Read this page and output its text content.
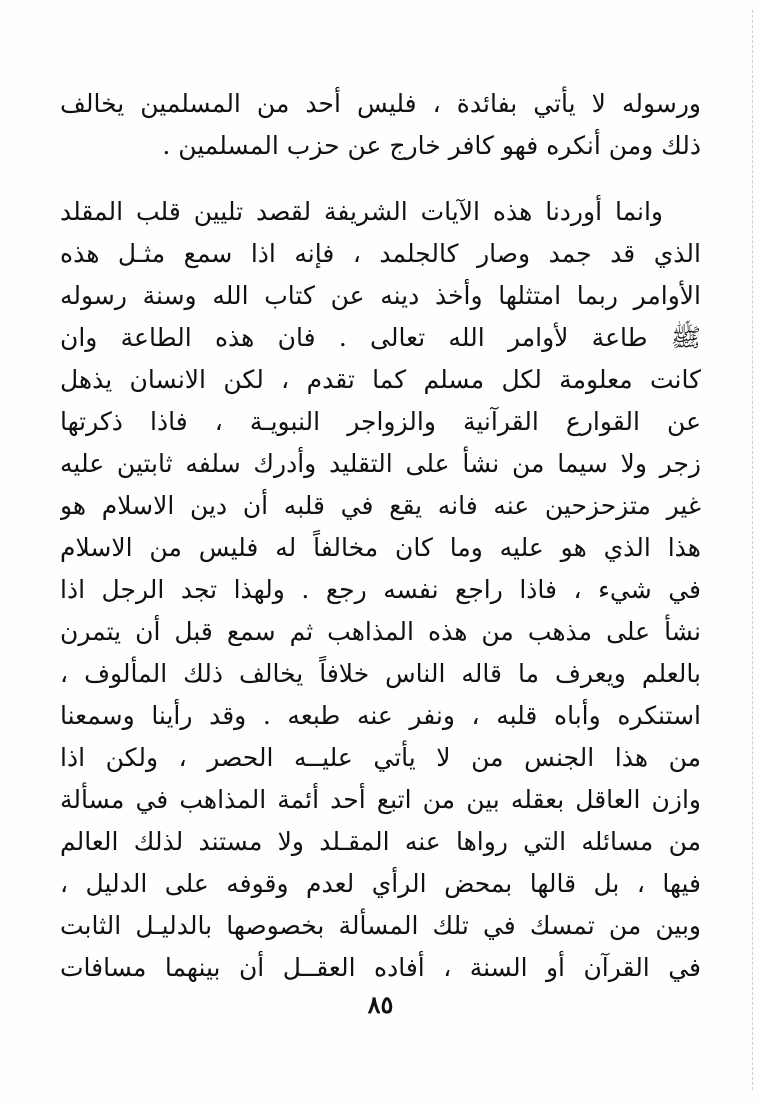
ورسوله لا يأتي بفائدة ، فليس أحد من المسلمين يخالف
ذلك ومن أنكره فهو كافر خارج عن حزب المسلمين .
وانما أوردنا هذه الآيات الشريفة لقصد تليين قلب المقلد
الذي قد جمد وصار كالجلمد ، فإنه اذا سمع مثـل هذه
الأوامر ربما امتثلها وأخذ دينه عن كتاب الله وسنة رسوله
ﷺ طاعة لأوامر الله تعالى . فان هذه الطاعة وان
كانت معلومة لكل مسلم كما تقدم ، لكن الانسان يذهل
عن القوارع القرآنية والزواجر النبويـة ، فاذا ذكرتها
زجر ولا سيما من نشأ على التقليد وأدرك سلفه ثابتين عليه
غير متزحزحين عنه فانه يقع في قلبه أن دين الاسلام هو
هذا الذي هو عليه وما كان مخالفاً له فليس من الاسلام
في شيء ، فاذا راجع نفسه رجع . ولهذا تجد الرجل اذا
نشأ على مذهب من هذه المذاهب ثم سمع قبل أن يتمرن
بالعلم ويعرف ما قاله الناس خلافاً يخالف ذلك المألوف ،
استنكره وأباه قلبه ، ونفر عنه طبعه . وقد رأينا وسمعنا
من هذا الجنس من لا يأتي عليــه الحصر ، ولكن اذا
وازن العاقل بعقله بين من اتبع أحد أئمة المذاهب في مسألة
من مسائله التي رواها عنه المقـلد ولا مستند لذلك العالم
فيها ، بل قالها بمحض الرأي لعدم وقوفه على الدليل ،
وبين من تمسك في تلك المسألة بخصوصها بالدليـل الثابت
في القرآن أو السنة ، أفاده العقــل أن بينهما مسافات
٨٥
